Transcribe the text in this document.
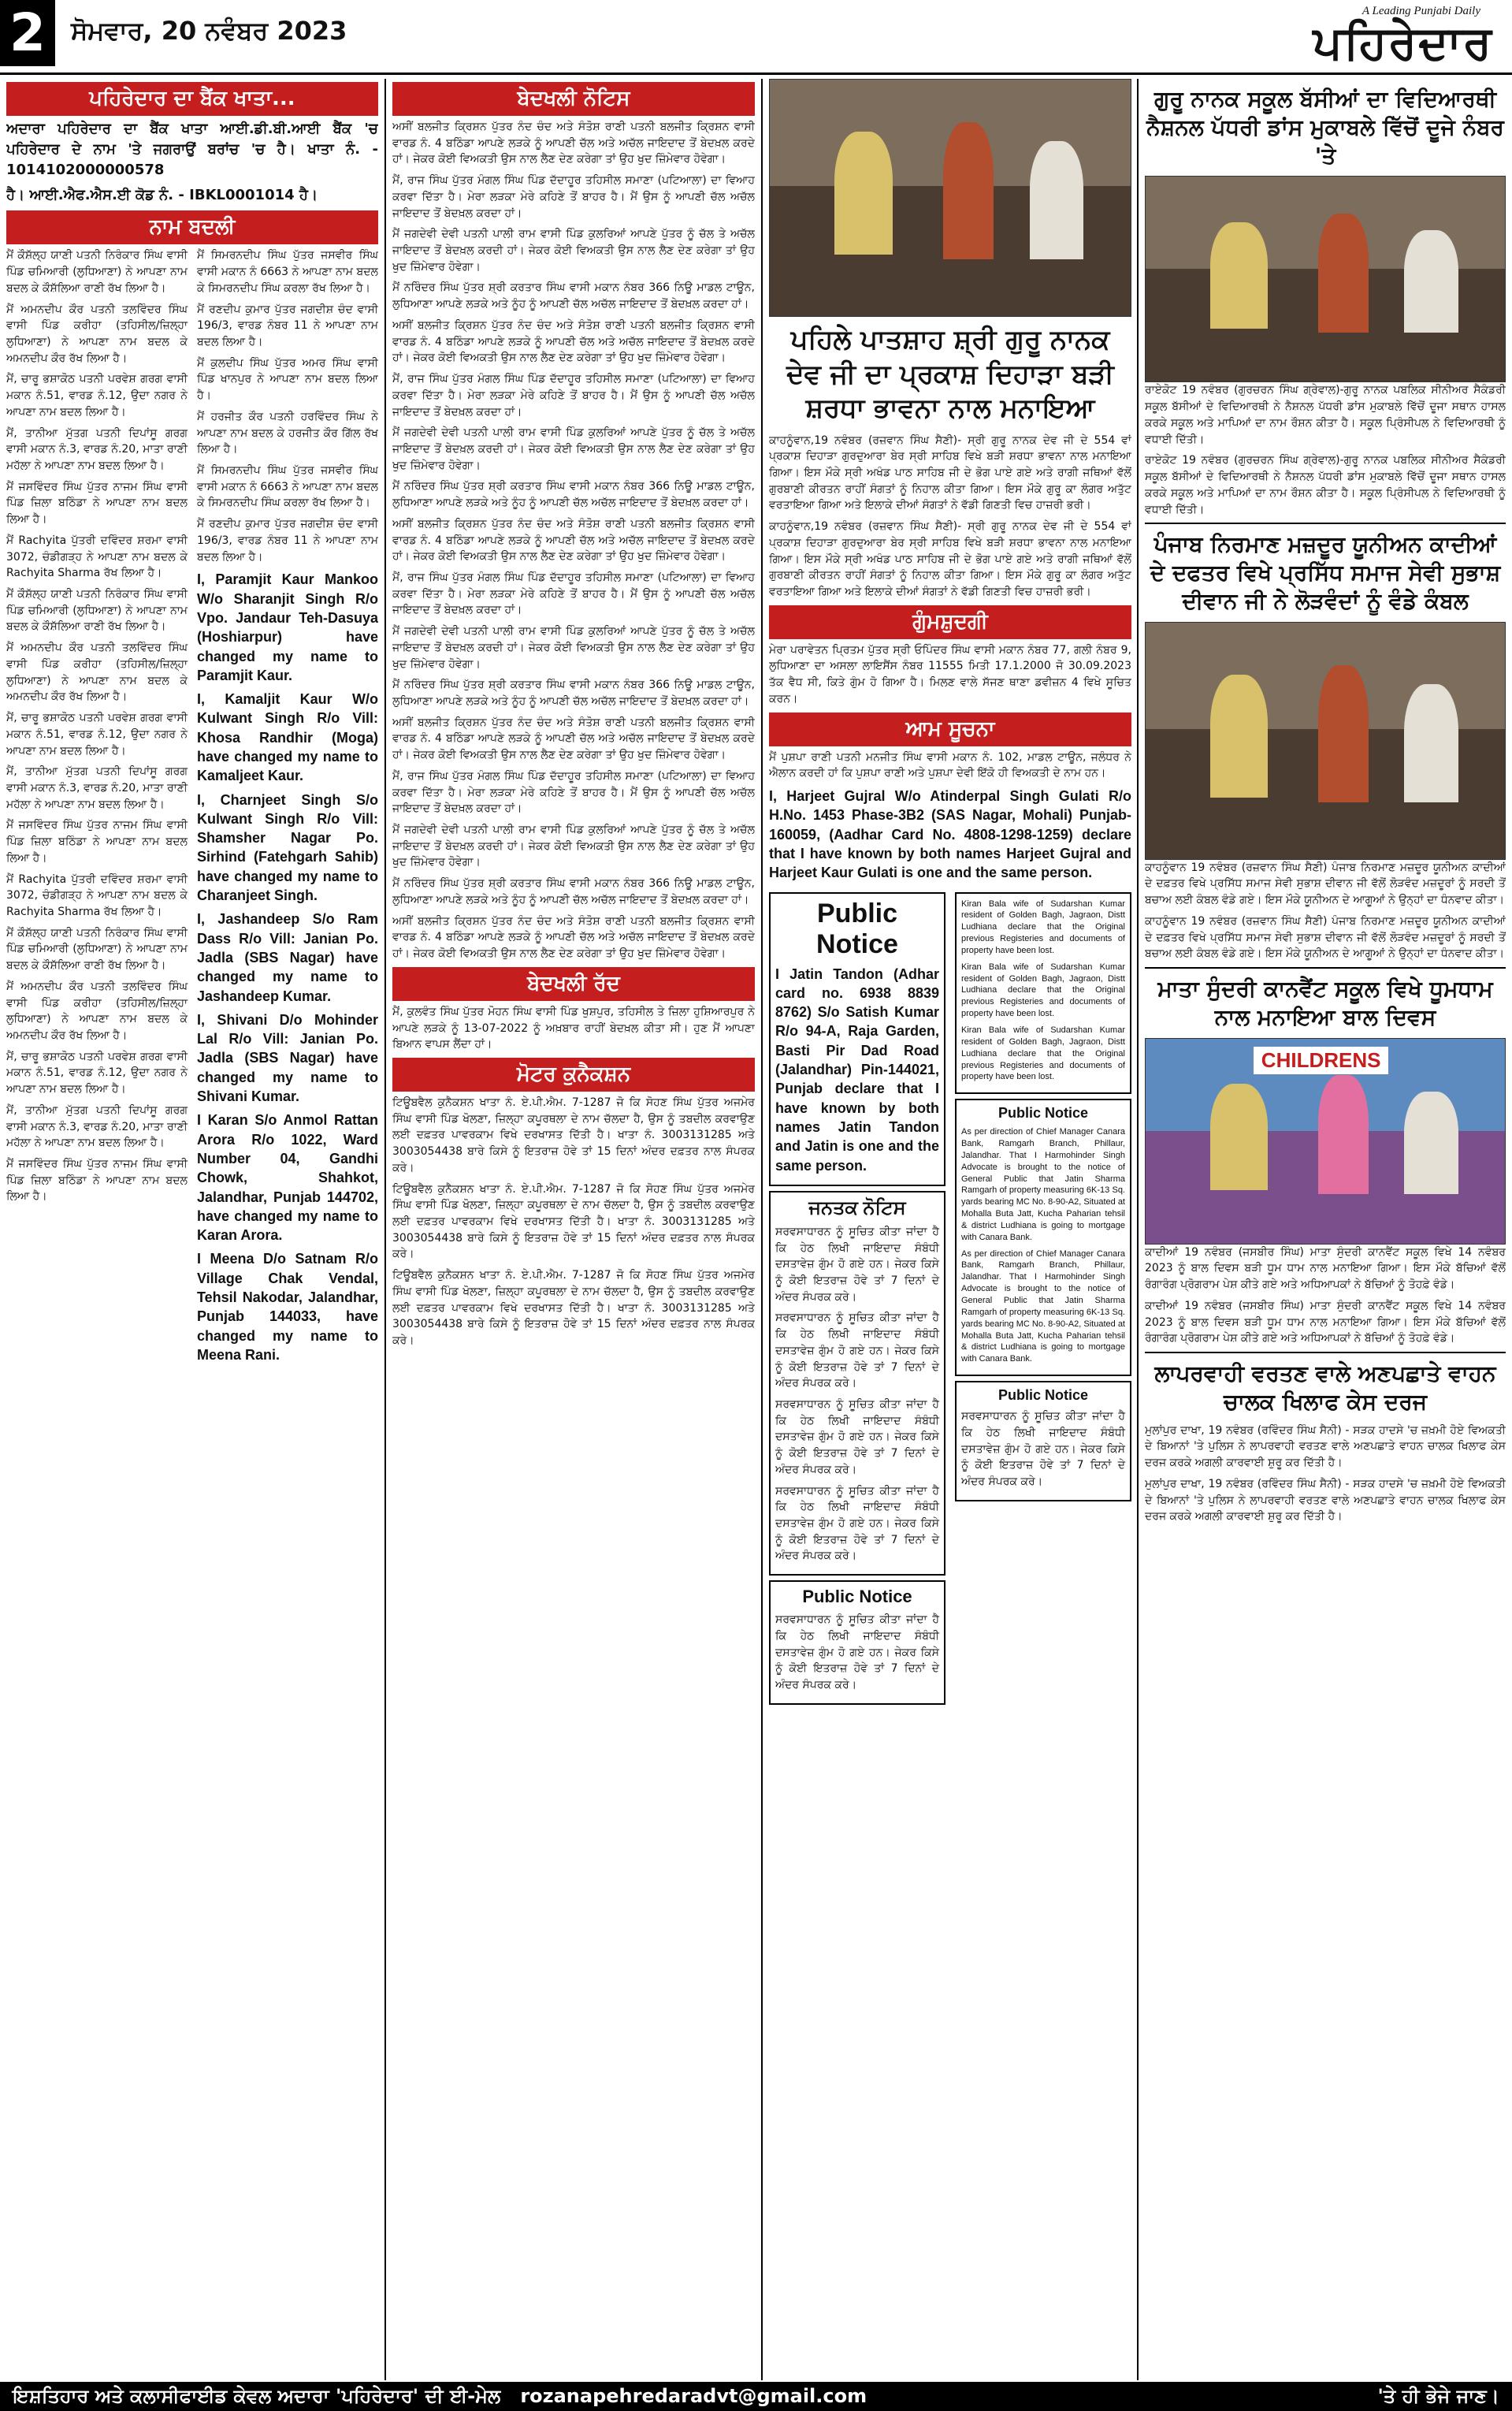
2	ਸੋਮਵਾਰ, 20 ਨਵੰਬਰ 2023
A Leading Punjabi Daily
ਪਹਿਰੇਦਾਰ
ਪਹਿਰੇਦਾਰ ਦਾ ਬੈਂਕ ਖਾਤਾ...

ਅਦਾਰਾ ਪਹਿਰੇਦਾਰ ਦਾ ਬੈਂਕ ਖਾਤਾ ਆਈ.ਡੀ.ਬੀ.ਆਈ ਬੈਂਕ 'ਚ ਪਹਿਰੇਦਾਰ ਦੇ ਨਾਮ 'ਤੇ ਜਗਰਾਉਂ ਬਰਾਂਚ 'ਚ ਹੈ। ਖਾਤਾ ਨੰ. - 1014102000000578

ਹੈ। ਆਈ.ਐਫ.ਐਸ.ਈ ਕੋਡ ਨੰ. - IBKL0001014 ਹੈ।

ਨਾਮ ਬਦਲੀ

ਮੈਂ ਕੌਸ਼ੱਲ੍ਹ ਯਾਣੀ ਪਤਨੀ ਨਿਰੰਕਾਰ ਸਿੰਘ ਵਾਸੀ ਪਿੰਡ ਚਮਿਆਰੀ (ਲੁਧਿਆਣਾ) ਨੇ ਆਪਣਾ ਨਾਮ ਬਦਲ ਕੇ ਕੌਸ਼ੱਲਿਆ ਰਾਣੀ ਰੱਖ ਲਿਆ ਹੈ।

ਮੈਂ ਅਮਨਦੀਪ ਕੌਰ ਪਤਨੀ ਤਲਵਿੰਦਰ ਸਿੰਘ ਵਾਸੀ ਪਿੰਡ ਕਰੀਹਾ (ਤਹਿਸੀਲ/ਜ਼ਿਲ੍ਹਾ ਲੁਧਿਆਣਾ) ਨੇ ਆਪਣਾ ਨਾਮ ਬਦਲ ਕੇ ਅਮਨਦੀਪ ਕੌਰ ਰੱਖ ਲਿਆ ਹੈ।

ਮੈਂ, ਚਾਰੂ ਭਸ਼ਾਕੋਠ ਪਤਨੀ ਪਰਵੇਸ਼ ਗਰਗ ਵਾਸੀ ਮਕਾਨ ਨੰ.51, ਵਾਰਡ ਨੰ.12, ਉਦਾ ਨਗਰ ਨੇ ਆਪਣਾ ਨਾਮ ਬਦਲ ਲਿਆ ਹੈ।

ਮੈਂ, ਤਾਨੀਆ ਮੁੱਤਗ ਪਤਨੀ ਦਿਪਾਂਸੂ ਗਰਗ ਵਾਸੀ ਮਕਾਨ ਨੰ.3, ਵਾਰਡ ਨੰ.20, ਮਾਤਾ ਰਾਣੀ ਮਹੱਲਾ ਨੇ ਆਪਣਾ ਨਾਮ ਬਦਲ ਲਿਆ ਹੈ।

ਮੈਂ ਜਸਵਿੰਦਰ ਸਿੰਘ ਪੁੱਤਰ ਨਾਜਮ ਸਿੰਘ ਵਾਸੀ ਪਿੰਡ ਜ਼ਿਲਾ ਬਠਿੰਡਾ ਨੇ ਆਪਣਾ ਨਾਮ ਬਦਲ ਲਿਆ ਹੈ।

ਮੈਂ Rachyita ਪੁੱਤਰੀ ਦਵਿੰਦਰ ਸ਼ਰਮਾ ਵਾਸੀ 3072, ਚੰਡੀਗੜ੍ਹ ਨੇ ਆਪਣਾ ਨਾਮ ਬਦਲ ਕੇ Rachyita Sharma ਰੱਖ ਲਿਆ ਹੈ।

ਮੈਂ ਕੌਸ਼ੱਲ੍ਹ ਯਾਣੀ ਪਤਨੀ ਨਿਰੰਕਾਰ ਸਿੰਘ ਵਾਸੀ ਪਿੰਡ ਚਮਿਆਰੀ (ਲੁਧਿਆਣਾ) ਨੇ ਆਪਣਾ ਨਾਮ ਬਦਲ ਕੇ ਕੌਸ਼ੱਲਿਆ ਰਾਣੀ ਰੱਖ ਲਿਆ ਹੈ।

ਮੈਂ ਅਮਨਦੀਪ ਕੌਰ ਪਤਨੀ ਤਲਵਿੰਦਰ ਸਿੰਘ ਵਾਸੀ ਪਿੰਡ ਕਰੀਹਾ (ਤਹਿਸੀਲ/ਜ਼ਿਲ੍ਹਾ ਲੁਧਿਆਣਾ) ਨੇ ਆਪਣਾ ਨਾਮ ਬਦਲ ਕੇ ਅਮਨਦੀਪ ਕੌਰ ਰੱਖ ਲਿਆ ਹੈ।

ਮੈਂ, ਚਾਰੂ ਭਸ਼ਾਕੋਠ ਪਤਨੀ ਪਰਵੇਸ਼ ਗਰਗ ਵਾਸੀ ਮਕਾਨ ਨੰ.51, ਵਾਰਡ ਨੰ.12, ਉਦਾ ਨਗਰ ਨੇ ਆਪਣਾ ਨਾਮ ਬਦਲ ਲਿਆ ਹੈ।

ਮੈਂ, ਤਾਨੀਆ ਮੁੱਤਗ ਪਤਨੀ ਦਿਪਾਂਸੂ ਗਰਗ ਵਾਸੀ ਮਕਾਨ ਨੰ.3, ਵਾਰਡ ਨੰ.20, ਮਾਤਾ ਰਾਣੀ ਮਹੱਲਾ ਨੇ ਆਪਣਾ ਨਾਮ ਬਦਲ ਲਿਆ ਹੈ।

ਮੈਂ ਜਸਵਿੰਦਰ ਸਿੰਘ ਪੁੱਤਰ ਨਾਜਮ ਸਿੰਘ ਵਾਸੀ ਪਿੰਡ ਜ਼ਿਲਾ ਬਠਿੰਡਾ ਨੇ ਆਪਣਾ ਨਾਮ ਬਦਲ ਲਿਆ ਹੈ।

ਮੈਂ Rachyita ਪੁੱਤਰੀ ਦਵਿੰਦਰ ਸ਼ਰਮਾ ਵਾਸੀ 3072, ਚੰਡੀਗੜ੍ਹ ਨੇ ਆਪਣਾ ਨਾਮ ਬਦਲ ਕੇ Rachyita Sharma ਰੱਖ ਲਿਆ ਹੈ।

ਮੈਂ ਕੌਸ਼ੱਲ੍ਹ ਯਾਣੀ ਪਤਨੀ ਨਿਰੰਕਾਰ ਸਿੰਘ ਵਾਸੀ ਪਿੰਡ ਚਮਿਆਰੀ (ਲੁਧਿਆਣਾ) ਨੇ ਆਪਣਾ ਨਾਮ ਬਦਲ ਕੇ ਕੌਸ਼ੱਲਿਆ ਰਾਣੀ ਰੱਖ ਲਿਆ ਹੈ।

ਮੈਂ ਅਮਨਦੀਪ ਕੌਰ ਪਤਨੀ ਤਲਵਿੰਦਰ ਸਿੰਘ ਵਾਸੀ ਪਿੰਡ ਕਰੀਹਾ (ਤਹਿਸੀਲ/ਜ਼ਿਲ੍ਹਾ ਲੁਧਿਆਣਾ) ਨੇ ਆਪਣਾ ਨਾਮ ਬਦਲ ਕੇ ਅਮਨਦੀਪ ਕੌਰ ਰੱਖ ਲਿਆ ਹੈ।

ਮੈਂ, ਚਾਰੂ ਭਸ਼ਾਕੋਠ ਪਤਨੀ ਪਰਵੇਸ਼ ਗਰਗ ਵਾਸੀ ਮਕਾਨ ਨੰ.51, ਵਾਰਡ ਨੰ.12, ਉਦਾ ਨਗਰ ਨੇ ਆਪਣਾ ਨਾਮ ਬਦਲ ਲਿਆ ਹੈ।

ਮੈਂ, ਤਾਨੀਆ ਮੁੱਤਗ ਪਤਨੀ ਦਿਪਾਂਸੂ ਗਰਗ ਵਾਸੀ ਮਕਾਨ ਨੰ.3, ਵਾਰਡ ਨੰ.20, ਮਾਤਾ ਰਾਣੀ ਮਹੱਲਾ ਨੇ ਆਪਣਾ ਨਾਮ ਬਦਲ ਲਿਆ ਹੈ।

ਮੈਂ ਜਸਵਿੰਦਰ ਸਿੰਘ ਪੁੱਤਰ ਨਾਜਮ ਸਿੰਘ ਵਾਸੀ ਪਿੰਡ ਜ਼ਿਲਾ ਬਠਿੰਡਾ ਨੇ ਆਪਣਾ ਨਾਮ ਬਦਲ ਲਿਆ ਹੈ।

ਮੈਂ ਸਿਮਰਨਦੀਪ ਸਿੰਘ ਪੁੱਤਰ ਜਸਵੀਰ ਸਿੰਘ ਵਾਸੀ ਮਕਾਨ ਨੰ 6663 ਨੇ ਆਪਣਾ ਨਾਮ ਬਦਲ ਕੇ ਸਿਮਰਨਦੀਪ ਸਿੰਘ ਕਰਲਾ ਰੱਖ ਲਿਆ ਹੈ।

ਮੈਂ ਰਣਦੀਪ ਕੁਮਾਰ ਪੁੱਤਰ ਜਗਦੀਸ਼ ਚੰਦ ਵਾਸੀ 196/3, ਵਾਰਡ ਨੰਬਰ 11 ਨੇ ਆਪਣਾ ਨਾਮ ਬਦਲ ਲਿਆ ਹੈ।

ਮੈਂ ਕੁਲਦੀਪ ਸਿੰਘ ਪੁੱਤਰ ਅਮਰ ਸਿੰਘ ਵਾਸੀ ਪਿੰਡ ਖਾਨਪੁਰ ਨੇ ਆਪਣਾ ਨਾਮ ਬਦਲ ਲਿਆ ਹੈ।

ਮੈਂ ਹਰਜੀਤ ਕੌਰ ਪਤਨੀ ਹਰਵਿੰਦਰ ਸਿੰਘ ਨੇ ਆਪਣਾ ਨਾਮ ਬਦਲ ਕੇ ਹਰਜੀਤ ਕੌਰ ਗਿੱਲ ਰੱਖ ਲਿਆ ਹੈ।

ਮੈਂ ਸਿਮਰਨਦੀਪ ਸਿੰਘ ਪੁੱਤਰ ਜਸਵੀਰ ਸਿੰਘ ਵਾਸੀ ਮਕਾਨ ਨੰ 6663 ਨੇ ਆਪਣਾ ਨਾਮ ਬਦਲ ਕੇ ਸਿਮਰਨਦੀਪ ਸਿੰਘ ਕਰਲਾ ਰੱਖ ਲਿਆ ਹੈ।

ਮੈਂ ਰਣਦੀਪ ਕੁਮਾਰ ਪੁੱਤਰ ਜਗਦੀਸ਼ ਚੰਦ ਵਾਸੀ 196/3, ਵਾਰਡ ਨੰਬਰ 11 ਨੇ ਆਪਣਾ ਨਾਮ ਬਦਲ ਲਿਆ ਹੈ।

I, Paramjit Kaur Mankoo W/o Sharanjit Singh R/o Vpo. Jandaur Teh-Dasuya (Hoshiarpur) have changed my name to Paramjit Kaur.

I, Kamaljit Kaur W/o Kulwant Singh R/o Vill: Khosa Randhir (Moga) have changed my name to Kamaljeet Kaur.

I, Charnjeet Singh S/o Kulwant Singh R/o Vill: Shamsher Nagar Po. Sirhind (Fatehgarh Sahib) have changed my name to Charanjeet Singh.

I, Jashandeep S/o Ram Dass R/o Vill: Janian Po. Jadla (SBS Nagar) have changed my name to Jashandeep Kumar.

I, Shivani D/o Mohinder Lal R/o Vill: Janian Po. Jadla (SBS Nagar) have changed my name to Shivani Kumar.

I Karan S/o Anmol Rattan Arora R/o 1022, Ward Number 04, Gandhi Chowk, Shahkot, Jalandhar, Punjab 144702, have changed my name to Karan Arora.

I Meena D/o Satnam R/o Village Chak Vendal, Tehsil Nakodar, Jalandhar, Punjab 144033, have changed my name to Meena Rani.

ਬੇਦਖਲੀ ਨੋਟਿਸ

ਅਸੀਂ ਬਲਜੀਤ ਕ੍ਰਿਸ਼ਨ ਪੁੱਤਰ ਨੰਦ ਚੰਦ ਅਤੇ ਸੰਤੋਸ਼ ਰਾਣੀ ਪਤਨੀ ਬਲਜੀਤ ਕ੍ਰਿਸ਼ਨ ਵਾਸੀ ਵਾਰਡ ਨੰ. 4 ਬਠਿੰਡਾ ਆਪਣੇ ਲੜਕੇ ਨੂੰ ਆਪਣੀ ਚੱਲ ਅਤੇ ਅਚੱਲ ਜਾਇਦਾਦ ਤੋਂ ਬੇਦਖ਼ਲ ਕਰਦੇ ਹਾਂ। ਜੇਕਰ ਕੋਈ ਵਿਅਕਤੀ ਉਸ ਨਾਲ ਲੈਣ ਦੇਣ ਕਰੇਗਾ ਤਾਂ ਉਹ ਖੁਦ ਜ਼ਿੰਮੇਵਾਰ ਹੋਵੇਗਾ।

ਮੈਂ, ਰਾਜ ਸਿੰਘ ਪੁੱਤਰ ਮੰਗਲ ਸਿੰਘ ਪਿੰਡ ਦੱਦਾਹੂਰ ਤਹਿਸੀਲ ਸਮਾਣਾ (ਪਟਿਆਲਾ) ਦਾ ਵਿਆਹ ਕਰਵਾ ਦਿੱਤਾ ਹੈ। ਮੇਰਾ ਲੜਕਾ ਮੇਰੇ ਕਹਿਣੇ ਤੋਂ ਬਾਹਰ ਹੈ। ਮੈਂ ਉਸ ਨੂੰ ਆਪਣੀ ਚੱਲ ਅਚੱਲ ਜਾਇਦਾਦ ਤੋਂ ਬੇਦਖ਼ਲ ਕਰਦਾ ਹਾਂ।

ਮੈਂ ਜਗਦੇਵੀ ਦੇਵੀ ਪਤਨੀ ਪਾਲੀ ਰਾਮ ਵਾਸੀ ਪਿੰਡ ਕੁਲਰਿਆਂ ਆਪਣੇ ਪੁੱਤਰ ਨੂੰ ਚੱਲ ਤੇ ਅਚੱਲ ਜਾਇਦਾਦ ਤੋਂ ਬੇਦਖ਼ਲ ਕਰਦੀ ਹਾਂ। ਜੇਕਰ ਕੋਈ ਵਿਅਕਤੀ ਉਸ ਨਾਲ ਲੈਣ ਦੇਣ ਕਰੇਗਾ ਤਾਂ ਉਹ ਖੁਦ ਜ਼ਿੰਮੇਵਾਰ ਹੋਵੇਗਾ।

ਮੈਂ ਨਰਿੰਦਰ ਸਿੰਘ ਪੁੱਤਰ ਸ਼੍ਰੀ ਕਰਤਾਰ ਸਿੰਘ ਵਾਸੀ ਮਕਾਨ ਨੰਬਰ 366 ਨਿਊ ਮਾਡਲ ਟਾਊਨ, ਲੁਧਿਆਣਾ ਆਪਣੇ ਲੜਕੇ ਅਤੇ ਨੂੰਹ ਨੂੰ ਆਪਣੀ ਚੱਲ ਅਚੱਲ ਜਾਇਦਾਦ ਤੋਂ ਬੇਦਖ਼ਲ ਕਰਦਾ ਹਾਂ।

ਅਸੀਂ ਬਲਜੀਤ ਕ੍ਰਿਸ਼ਨ ਪੁੱਤਰ ਨੰਦ ਚੰਦ ਅਤੇ ਸੰਤੋਸ਼ ਰਾਣੀ ਪਤਨੀ ਬਲਜੀਤ ਕ੍ਰਿਸ਼ਨ ਵਾਸੀ ਵਾਰਡ ਨੰ. 4 ਬਠਿੰਡਾ ਆਪਣੇ ਲੜਕੇ ਨੂੰ ਆਪਣੀ ਚੱਲ ਅਤੇ ਅਚੱਲ ਜਾਇਦਾਦ ਤੋਂ ਬੇਦਖ਼ਲ ਕਰਦੇ ਹਾਂ। ਜੇਕਰ ਕੋਈ ਵਿਅਕਤੀ ਉਸ ਨਾਲ ਲੈਣ ਦੇਣ ਕਰੇਗਾ ਤਾਂ ਉਹ ਖੁਦ ਜ਼ਿੰਮੇਵਾਰ ਹੋਵੇਗਾ।

ਮੈਂ, ਰਾਜ ਸਿੰਘ ਪੁੱਤਰ ਮੰਗਲ ਸਿੰਘ ਪਿੰਡ ਦੱਦਾਹੂਰ ਤਹਿਸੀਲ ਸਮਾਣਾ (ਪਟਿਆਲਾ) ਦਾ ਵਿਆਹ ਕਰਵਾ ਦਿੱਤਾ ਹੈ। ਮੇਰਾ ਲੜਕਾ ਮੇਰੇ ਕਹਿਣੇ ਤੋਂ ਬਾਹਰ ਹੈ। ਮੈਂ ਉਸ ਨੂੰ ਆਪਣੀ ਚੱਲ ਅਚੱਲ ਜਾਇਦਾਦ ਤੋਂ ਬੇਦਖ਼ਲ ਕਰਦਾ ਹਾਂ।

ਮੈਂ ਜਗਦੇਵੀ ਦੇਵੀ ਪਤਨੀ ਪਾਲੀ ਰਾਮ ਵਾਸੀ ਪਿੰਡ ਕੁਲਰਿਆਂ ਆਪਣੇ ਪੁੱਤਰ ਨੂੰ ਚੱਲ ਤੇ ਅਚੱਲ ਜਾਇਦਾਦ ਤੋਂ ਬੇਦਖ਼ਲ ਕਰਦੀ ਹਾਂ। ਜੇਕਰ ਕੋਈ ਵਿਅਕਤੀ ਉਸ ਨਾਲ ਲੈਣ ਦੇਣ ਕਰੇਗਾ ਤਾਂ ਉਹ ਖੁਦ ਜ਼ਿੰਮੇਵਾਰ ਹੋਵੇਗਾ।

ਮੈਂ ਨਰਿੰਦਰ ਸਿੰਘ ਪੁੱਤਰ ਸ਼੍ਰੀ ਕਰਤਾਰ ਸਿੰਘ ਵਾਸੀ ਮਕਾਨ ਨੰਬਰ 366 ਨਿਊ ਮਾਡਲ ਟਾਊਨ, ਲੁਧਿਆਣਾ ਆਪਣੇ ਲੜਕੇ ਅਤੇ ਨੂੰਹ ਨੂੰ ਆਪਣੀ ਚੱਲ ਅਚੱਲ ਜਾਇਦਾਦ ਤੋਂ ਬੇਦਖ਼ਲ ਕਰਦਾ ਹਾਂ।

ਅਸੀਂ ਬਲਜੀਤ ਕ੍ਰਿਸ਼ਨ ਪੁੱਤਰ ਨੰਦ ਚੰਦ ਅਤੇ ਸੰਤੋਸ਼ ਰਾਣੀ ਪਤਨੀ ਬਲਜੀਤ ਕ੍ਰਿਸ਼ਨ ਵਾਸੀ ਵਾਰਡ ਨੰ. 4 ਬਠਿੰਡਾ ਆਪਣੇ ਲੜਕੇ ਨੂੰ ਆਪਣੀ ਚੱਲ ਅਤੇ ਅਚੱਲ ਜਾਇਦਾਦ ਤੋਂ ਬੇਦਖ਼ਲ ਕਰਦੇ ਹਾਂ। ਜੇਕਰ ਕੋਈ ਵਿਅਕਤੀ ਉਸ ਨਾਲ ਲੈਣ ਦੇਣ ਕਰੇਗਾ ਤਾਂ ਉਹ ਖੁਦ ਜ਼ਿੰਮੇਵਾਰ ਹੋਵੇਗਾ।

ਮੈਂ, ਰਾਜ ਸਿੰਘ ਪੁੱਤਰ ਮੰਗਲ ਸਿੰਘ ਪਿੰਡ ਦੱਦਾਹੂਰ ਤਹਿਸੀਲ ਸਮਾਣਾ (ਪਟਿਆਲਾ) ਦਾ ਵਿਆਹ ਕਰਵਾ ਦਿੱਤਾ ਹੈ। ਮੇਰਾ ਲੜਕਾ ਮੇਰੇ ਕਹਿਣੇ ਤੋਂ ਬਾਹਰ ਹੈ। ਮੈਂ ਉਸ ਨੂੰ ਆਪਣੀ ਚੱਲ ਅਚੱਲ ਜਾਇਦਾਦ ਤੋਂ ਬੇਦਖ਼ਲ ਕਰਦਾ ਹਾਂ।

ਮੈਂ ਜਗਦੇਵੀ ਦੇਵੀ ਪਤਨੀ ਪਾਲੀ ਰਾਮ ਵਾਸੀ ਪਿੰਡ ਕੁਲਰਿਆਂ ਆਪਣੇ ਪੁੱਤਰ ਨੂੰ ਚੱਲ ਤੇ ਅਚੱਲ ਜਾਇਦਾਦ ਤੋਂ ਬੇਦਖ਼ਲ ਕਰਦੀ ਹਾਂ। ਜੇਕਰ ਕੋਈ ਵਿਅਕਤੀ ਉਸ ਨਾਲ ਲੈਣ ਦੇਣ ਕਰੇਗਾ ਤਾਂ ਉਹ ਖੁਦ ਜ਼ਿੰਮੇਵਾਰ ਹੋਵੇਗਾ।

ਮੈਂ ਨਰਿੰਦਰ ਸਿੰਘ ਪੁੱਤਰ ਸ਼੍ਰੀ ਕਰਤਾਰ ਸਿੰਘ ਵਾਸੀ ਮਕਾਨ ਨੰਬਰ 366 ਨਿਊ ਮਾਡਲ ਟਾਊਨ, ਲੁਧਿਆਣਾ ਆਪਣੇ ਲੜਕੇ ਅਤੇ ਨੂੰਹ ਨੂੰ ਆਪਣੀ ਚੱਲ ਅਚੱਲ ਜਾਇਦਾਦ ਤੋਂ ਬੇਦਖ਼ਲ ਕਰਦਾ ਹਾਂ।

ਅਸੀਂ ਬਲਜੀਤ ਕ੍ਰਿਸ਼ਨ ਪੁੱਤਰ ਨੰਦ ਚੰਦ ਅਤੇ ਸੰਤੋਸ਼ ਰਾਣੀ ਪਤਨੀ ਬਲਜੀਤ ਕ੍ਰਿਸ਼ਨ ਵਾਸੀ ਵਾਰਡ ਨੰ. 4 ਬਠਿੰਡਾ ਆਪਣੇ ਲੜਕੇ ਨੂੰ ਆਪਣੀ ਚੱਲ ਅਤੇ ਅਚੱਲ ਜਾਇਦਾਦ ਤੋਂ ਬੇਦਖ਼ਲ ਕਰਦੇ ਹਾਂ। ਜੇਕਰ ਕੋਈ ਵਿਅਕਤੀ ਉਸ ਨਾਲ ਲੈਣ ਦੇਣ ਕਰੇਗਾ ਤਾਂ ਉਹ ਖੁਦ ਜ਼ਿੰਮੇਵਾਰ ਹੋਵੇਗਾ।

ਮੈਂ, ਰਾਜ ਸਿੰਘ ਪੁੱਤਰ ਮੰਗਲ ਸਿੰਘ ਪਿੰਡ ਦੱਦਾਹੂਰ ਤਹਿਸੀਲ ਸਮਾਣਾ (ਪਟਿਆਲਾ) ਦਾ ਵਿਆਹ ਕਰਵਾ ਦਿੱਤਾ ਹੈ। ਮੇਰਾ ਲੜਕਾ ਮੇਰੇ ਕਹਿਣੇ ਤੋਂ ਬਾਹਰ ਹੈ। ਮੈਂ ਉਸ ਨੂੰ ਆਪਣੀ ਚੱਲ ਅਚੱਲ ਜਾਇਦਾਦ ਤੋਂ ਬੇਦਖ਼ਲ ਕਰਦਾ ਹਾਂ।

ਮੈਂ ਜਗਦੇਵੀ ਦੇਵੀ ਪਤਨੀ ਪਾਲੀ ਰਾਮ ਵਾਸੀ ਪਿੰਡ ਕੁਲਰਿਆਂ ਆਪਣੇ ਪੁੱਤਰ ਨੂੰ ਚੱਲ ਤੇ ਅਚੱਲ ਜਾਇਦਾਦ ਤੋਂ ਬੇਦਖ਼ਲ ਕਰਦੀ ਹਾਂ। ਜੇਕਰ ਕੋਈ ਵਿਅਕਤੀ ਉਸ ਨਾਲ ਲੈਣ ਦੇਣ ਕਰੇਗਾ ਤਾਂ ਉਹ ਖੁਦ ਜ਼ਿੰਮੇਵਾਰ ਹੋਵੇਗਾ।

ਮੈਂ ਨਰਿੰਦਰ ਸਿੰਘ ਪੁੱਤਰ ਸ਼੍ਰੀ ਕਰਤਾਰ ਸਿੰਘ ਵਾਸੀ ਮਕਾਨ ਨੰਬਰ 366 ਨਿਊ ਮਾਡਲ ਟਾਊਨ, ਲੁਧਿਆਣਾ ਆਪਣੇ ਲੜਕੇ ਅਤੇ ਨੂੰਹ ਨੂੰ ਆਪਣੀ ਚੱਲ ਅਚੱਲ ਜਾਇਦਾਦ ਤੋਂ ਬੇਦਖ਼ਲ ਕਰਦਾ ਹਾਂ।

ਅਸੀਂ ਬਲਜੀਤ ਕ੍ਰਿਸ਼ਨ ਪੁੱਤਰ ਨੰਦ ਚੰਦ ਅਤੇ ਸੰਤੋਸ਼ ਰਾਣੀ ਪਤਨੀ ਬਲਜੀਤ ਕ੍ਰਿਸ਼ਨ ਵਾਸੀ ਵਾਰਡ ਨੰ. 4 ਬਠਿੰਡਾ ਆਪਣੇ ਲੜਕੇ ਨੂੰ ਆਪਣੀ ਚੱਲ ਅਤੇ ਅਚੱਲ ਜਾਇਦਾਦ ਤੋਂ ਬੇਦਖ਼ਲ ਕਰਦੇ ਹਾਂ। ਜੇਕਰ ਕੋਈ ਵਿਅਕਤੀ ਉਸ ਨਾਲ ਲੈਣ ਦੇਣ ਕਰੇਗਾ ਤਾਂ ਉਹ ਖੁਦ ਜ਼ਿੰਮੇਵਾਰ ਹੋਵੇਗਾ।

ਬੇਦਖਲੀ ਰੱਦ

ਮੈਂ, ਕੁਲਵੰਤ ਸਿੰਘ ਪੁੱਤਰ ਮੋਹਨ ਸਿੰਘ ਵਾਸੀ ਪਿੰਡ ਖੁਸ਼ਪੁਰ, ਤਹਿਸੀਲ ਤੇ ਜ਼ਿਲਾ ਹੁਸ਼ਿਆਰਪੁਰ ਨੇ ਆਪਣੇ ਲੜਕੇ ਨੂੰ 13-07-2022 ਨੂੰ ਅਖ਼ਬਾਰ ਰਾਹੀਂ ਬੇਦਖ਼ਲ ਕੀਤਾ ਸੀ। ਹੁਣ ਮੈਂ ਆਪਣਾ ਬਿਆਨ ਵਾਪਸ ਲੈਂਦਾ ਹਾਂ।

ਮੋਟਰ ਕੁਨੈਕਸ਼ਨ

ਟਿਊਬਵੈਲ ਕੁਨੈਕਸ਼ਨ ਖਾਤਾ ਨੰ. ਏ.ਪੀ.ਐਮ. 7-1287 ਜੋ ਕਿ ਸੋਹਣ ਸਿੰਘ ਪੁੱਤਰ ਅਜਮੇਰ ਸਿੰਘ ਵਾਸੀ ਪਿੰਡ ਖੋਲਣਾ, ਜ਼ਿਲ੍ਹਾ ਕਪੂਰਥਲਾ ਦੇ ਨਾਮ ਚੱਲਦਾ ਹੈ, ਉਸ ਨੂੰ ਤਬਦੀਲ ਕਰਵਾਉਣ ਲਈ ਦਫ਼ਤਰ ਪਾਵਰਕਾਮ ਵਿਖੇ ਦਰਖਾਸਤ ਦਿੱਤੀ ਹੈ। ਖਾਤਾ ਨੰ. 3003131285 ਅਤੇ 3003054438 ਬਾਰੇ ਕਿਸੇ ਨੂੰ ਇਤਰਾਜ਼ ਹੋਵੇ ਤਾਂ 15 ਦਿਨਾਂ ਅੰਦਰ ਦਫ਼ਤਰ ਨਾਲ ਸੰਪਰਕ ਕਰੇ।

ਟਿਊਬਵੈਲ ਕੁਨੈਕਸ਼ਨ ਖਾਤਾ ਨੰ. ਏ.ਪੀ.ਐਮ. 7-1287 ਜੋ ਕਿ ਸੋਹਣ ਸਿੰਘ ਪੁੱਤਰ ਅਜਮੇਰ ਸਿੰਘ ਵਾਸੀ ਪਿੰਡ ਖੋਲਣਾ, ਜ਼ਿਲ੍ਹਾ ਕਪੂਰਥਲਾ ਦੇ ਨਾਮ ਚੱਲਦਾ ਹੈ, ਉਸ ਨੂੰ ਤਬਦੀਲ ਕਰਵਾਉਣ ਲਈ ਦਫ਼ਤਰ ਪਾਵਰਕਾਮ ਵਿਖੇ ਦਰਖਾਸਤ ਦਿੱਤੀ ਹੈ। ਖਾਤਾ ਨੰ. 3003131285 ਅਤੇ 3003054438 ਬਾਰੇ ਕਿਸੇ ਨੂੰ ਇਤਰਾਜ਼ ਹੋਵੇ ਤਾਂ 15 ਦਿਨਾਂ ਅੰਦਰ ਦਫ਼ਤਰ ਨਾਲ ਸੰਪਰਕ ਕਰੇ।

ਟਿਊਬਵੈਲ ਕੁਨੈਕਸ਼ਨ ਖਾਤਾ ਨੰ. ਏ.ਪੀ.ਐਮ. 7-1287 ਜੋ ਕਿ ਸੋਹਣ ਸਿੰਘ ਪੁੱਤਰ ਅਜਮੇਰ ਸਿੰਘ ਵਾਸੀ ਪਿੰਡ ਖੋਲਣਾ, ਜ਼ਿਲ੍ਹਾ ਕਪੂਰਥਲਾ ਦੇ ਨਾਮ ਚੱਲਦਾ ਹੈ, ਉਸ ਨੂੰ ਤਬਦੀਲ ਕਰਵਾਉਣ ਲਈ ਦਫ਼ਤਰ ਪਾਵਰਕਾਮ ਵਿਖੇ ਦਰਖਾਸਤ ਦਿੱਤੀ ਹੈ। ਖਾਤਾ ਨੰ. 3003131285 ਅਤੇ 3003054438 ਬਾਰੇ ਕਿਸੇ ਨੂੰ ਇਤਰਾਜ਼ ਹੋਵੇ ਤਾਂ 15 ਦਿਨਾਂ ਅੰਦਰ ਦਫ਼ਤਰ ਨਾਲ ਸੰਪਰਕ ਕਰੇ।

ਪਹਿਲੇ ਪਾਤਸ਼ਾਹ ਸ਼੍ਰੀ ਗੁਰੂ ਨਾਨਕ ਦੇਵ ਜੀ ਦਾ ਪ੍ਰਕਾਸ਼ ਦਿਹਾੜਾ ਬੜੀ ਸ਼ਰਧਾ ਭਾਵਨਾ ਨਾਲ ਮਨਾਇਆ

ਕਾਹਨੂੰਵਾਨ,19 ਨਵੰਬਰ (ਰਜ਼ਵਾਨ ਸਿੰਘ ਸੈਣੀ)- ਸ੍ਰੀ ਗੁਰੂ ਨਾਨਕ ਦੇਵ ਜੀ ਦੇ 554 ਵਾਂ ਪ੍ਰਕਾਸ਼ ਦਿਹਾੜਾ ਗੁਰਦੁਆਰਾ ਬੇਰ ਸ੍ਰੀ ਸਾਹਿਬ ਵਿਖੇ ਬੜੀ ਸ਼ਰਧਾ ਭਾਵਨਾ ਨਾਲ ਮਨਾਇਆ ਗਿਆ। ਇਸ ਮੌਕੇ ਸ੍ਰੀ ਅਖੰਡ ਪਾਠ ਸਾਹਿਬ ਜੀ ਦੇ ਭੋਗ ਪਾਏ ਗਏ ਅਤੇ ਰਾਗੀ ਜਥਿਆਂ ਵੱਲੋਂ ਗੁਰਬਾਣੀ ਕੀਰਤਨ ਰਾਹੀਂ ਸੰਗਤਾਂ ਨੂੰ ਨਿਹਾਲ ਕੀਤਾ ਗਿਆ। ਇਸ ਮੌਕੇ ਗੁਰੂ ਕਾ ਲੰਗਰ ਅਤੁੱਟ ਵਰਤਾਇਆ ਗਿਆ ਅਤੇ ਇਲਾਕੇ ਦੀਆਂ ਸੰਗਤਾਂ ਨੇ ਵੱਡੀ ਗਿਣਤੀ ਵਿਚ ਹਾਜ਼ਰੀ ਭਰੀ।

ਕਾਹਨੂੰਵਾਨ,19 ਨਵੰਬਰ (ਰਜ਼ਵਾਨ ਸਿੰਘ ਸੈਣੀ)- ਸ੍ਰੀ ਗੁਰੂ ਨਾਨਕ ਦੇਵ ਜੀ ਦੇ 554 ਵਾਂ ਪ੍ਰਕਾਸ਼ ਦਿਹਾੜਾ ਗੁਰਦੁਆਰਾ ਬੇਰ ਸ੍ਰੀ ਸਾਹਿਬ ਵਿਖੇ ਬੜੀ ਸ਼ਰਧਾ ਭਾਵਨਾ ਨਾਲ ਮਨਾਇਆ ਗਿਆ। ਇਸ ਮੌਕੇ ਸ੍ਰੀ ਅਖੰਡ ਪਾਠ ਸਾਹਿਬ ਜੀ ਦੇ ਭੋਗ ਪਾਏ ਗਏ ਅਤੇ ਰਾਗੀ ਜਥਿਆਂ ਵੱਲੋਂ ਗੁਰਬਾਣੀ ਕੀਰਤਨ ਰਾਹੀਂ ਸੰਗਤਾਂ ਨੂੰ ਨਿਹਾਲ ਕੀਤਾ ਗਿਆ। ਇਸ ਮੌਕੇ ਗੁਰੂ ਕਾ ਲੰਗਰ ਅਤੁੱਟ ਵਰਤਾਇਆ ਗਿਆ ਅਤੇ ਇਲਾਕੇ ਦੀਆਂ ਸੰਗਤਾਂ ਨੇ ਵੱਡੀ ਗਿਣਤੀ ਵਿਚ ਹਾਜ਼ਰੀ ਭਰੀ।

ਗੁੰਮਸ਼ੁਦਗੀ

ਮੇਰਾ ਪਰਾਵੇਤਨ ਪ੍ਰਿਤਮ ਪੁੱਤਰ ਸ੍ਰੀ ਓਪਿੰਦਰ ਸਿੰਘ ਵਾਸੀ ਮਕਾਨ ਨੰਬਰ 77, ਗਲੀ ਨੰਬਰ 9, ਲੁਧਿਆਣਾ ਦਾ ਅਸਲਾ ਲਾਇਸੈਂਸ ਨੰਬਰ 11555 ਮਿਤੀ 17.1.2000 ਜੋ 30.09.2023 ਤੱਕ ਵੈਧ ਸੀ, ਕਿਤੇ ਗੁੰਮ ਹੋ ਗਿਆ ਹੈ। ਮਿਲਣ ਵਾਲੇ ਸੱਜਣ ਥਾਣਾ ਡਵੀਜ਼ਨ 4 ਵਿਖੇ ਸੂਚਿਤ ਕਰਨ।

ਆਮ ਸੂਚਨਾ

ਮੈਂ ਪੁਸ਼ਪਾ ਰਾਣੀ ਪਤਨੀ ਮਨਜੀਤ ਸਿੰਘ ਵਾਸੀ ਮਕਾਨ ਨੰ. 102, ਮਾਡਲ ਟਾਊਨ, ਜਲੰਧਰ ਨੇ ਐਲਾਨ ਕਰਦੀ ਹਾਂ ਕਿ ਪੁਸ਼ਪਾ ਰਾਣੀ ਅਤੇ ਪੁਸ਼ਪਾ ਦੇਵੀ ਇੱਕੋ ਹੀ ਵਿਅਕਤੀ ਦੇ ਨਾਮ ਹਨ।

I, Harjeet Gujral W/o Atinderpal Singh Gulati R/o H.No. 1453 Phase-3B2 (SAS Nagar, Mohali) Punjab-160059, (Aadhar Card No. 4808-1298-1259) declare that I have known by both names Harjeet Gujral and Harjeet Kaur Gulati is one and the same person.

Public Notice

I Jatin Tandon (Adhar card no. 6938 8839 8762) S/o Satish Kumar R/o 94-A, Raja Garden, Basti Pir Dad Road (Jalandhar) Pin-144021, Punjab declare that I have known by both names Jatin Tandon and Jatin is one and the same person.

ਜਨਤਕ ਨੋਟਿਸ

ਸਰਵਸਾਧਾਰਨ ਨੂੰ ਸੂਚਿਤ ਕੀਤਾ ਜਾਂਦਾ ਹੈ ਕਿ ਹੇਠ ਲਿਖੀ ਜਾਇਦਾਦ ਸੰਬੰਧੀ ਦਸਤਾਵੇਜ਼ ਗੁੰਮ ਹੋ ਗਏ ਹਨ। ਜੇਕਰ ਕਿਸੇ ਨੂੰ ਕੋਈ ਇਤਰਾਜ਼ ਹੋਵੇ ਤਾਂ 7 ਦਿਨਾਂ ਦੇ ਅੰਦਰ ਸੰਪਰਕ ਕਰੇ।

ਸਰਵਸਾਧਾਰਨ ਨੂੰ ਸੂਚਿਤ ਕੀਤਾ ਜਾਂਦਾ ਹੈ ਕਿ ਹੇਠ ਲਿਖੀ ਜਾਇਦਾਦ ਸੰਬੰਧੀ ਦਸਤਾਵੇਜ਼ ਗੁੰਮ ਹੋ ਗਏ ਹਨ। ਜੇਕਰ ਕਿਸੇ ਨੂੰ ਕੋਈ ਇਤਰਾਜ਼ ਹੋਵੇ ਤਾਂ 7 ਦਿਨਾਂ ਦੇ ਅੰਦਰ ਸੰਪਰਕ ਕਰੇ।

ਸਰਵਸਾਧਾਰਨ ਨੂੰ ਸੂਚਿਤ ਕੀਤਾ ਜਾਂਦਾ ਹੈ ਕਿ ਹੇਠ ਲਿਖੀ ਜਾਇਦਾਦ ਸੰਬੰਧੀ ਦਸਤਾਵੇਜ਼ ਗੁੰਮ ਹੋ ਗਏ ਹਨ। ਜੇਕਰ ਕਿਸੇ ਨੂੰ ਕੋਈ ਇਤਰਾਜ਼ ਹੋਵੇ ਤਾਂ 7 ਦਿਨਾਂ ਦੇ ਅੰਦਰ ਸੰਪਰਕ ਕਰੇ।

ਸਰਵਸਾਧਾਰਨ ਨੂੰ ਸੂਚਿਤ ਕੀਤਾ ਜਾਂਦਾ ਹੈ ਕਿ ਹੇਠ ਲਿਖੀ ਜਾਇਦਾਦ ਸੰਬੰਧੀ ਦਸਤਾਵੇਜ਼ ਗੁੰਮ ਹੋ ਗਏ ਹਨ। ਜੇਕਰ ਕਿਸੇ ਨੂੰ ਕੋਈ ਇਤਰਾਜ਼ ਹੋਵੇ ਤਾਂ 7 ਦਿਨਾਂ ਦੇ ਅੰਦਰ ਸੰਪਰਕ ਕਰੇ।

Public Notice

ਸਰਵਸਾਧਾਰਨ ਨੂੰ ਸੂਚਿਤ ਕੀਤਾ ਜਾਂਦਾ ਹੈ ਕਿ ਹੇਠ ਲਿਖੀ ਜਾਇਦਾਦ ਸੰਬੰਧੀ ਦਸਤਾਵੇਜ਼ ਗੁੰਮ ਹੋ ਗਏ ਹਨ। ਜੇਕਰ ਕਿਸੇ ਨੂੰ ਕੋਈ ਇਤਰਾਜ਼ ਹੋਵੇ ਤਾਂ 7 ਦਿਨਾਂ ਦੇ ਅੰਦਰ ਸੰਪਰਕ ਕਰੇ।

Kiran Bala wife of Sudarshan Kumar resident of Golden Bagh, Jagraon, Distt Ludhiana declare that the Original previous Registeries and documents of property have been lost.

Kiran Bala wife of Sudarshan Kumar resident of Golden Bagh, Jagraon, Distt Ludhiana declare that the Original previous Registeries and documents of property have been lost.

Kiran Bala wife of Sudarshan Kumar resident of Golden Bagh, Jagraon, Distt Ludhiana declare that the Original previous Registeries and documents of property have been lost.

Public Notice

As per direction of Chief Manager Canara Bank, Ramgarh Branch, Phillaur, Jalandhar. That I Harmohinder Singh Advocate is brought to the notice of General Public that Jatin Sharma Ramgarh of property measuring 6K-13 Sq. yards bearing MC No. 8-90-A2, Situated at Mohalla Buta Jatt, Kucha Paharian tehsil & district Ludhiana is going to mortgage with Canara Bank.

As per direction of Chief Manager Canara Bank, Ramgarh Branch, Phillaur, Jalandhar. That I Harmohinder Singh Advocate is brought to the notice of General Public that Jatin Sharma Ramgarh of property measuring 6K-13 Sq. yards bearing MC No. 8-90-A2, Situated at Mohalla Buta Jatt, Kucha Paharian tehsil & district Ludhiana is going to mortgage with Canara Bank.

Public Notice

ਸਰਵਸਾਧਾਰਨ ਨੂੰ ਸੂਚਿਤ ਕੀਤਾ ਜਾਂਦਾ ਹੈ ਕਿ ਹੇਠ ਲਿਖੀ ਜਾਇਦਾਦ ਸੰਬੰਧੀ ਦਸਤਾਵੇਜ਼ ਗੁੰਮ ਹੋ ਗਏ ਹਨ। ਜੇਕਰ ਕਿਸੇ ਨੂੰ ਕੋਈ ਇਤਰਾਜ਼ ਹੋਵੇ ਤਾਂ 7 ਦਿਨਾਂ ਦੇ ਅੰਦਰ ਸੰਪਰਕ ਕਰੇ।

ਗੁਰੂ ਨਾਨਕ ਸਕੂਲ ਬੱਸੀਆਂ ਦਾ ਵਿਦਿਆਰਥੀ ਨੈਸ਼ਨਲ ਪੱਧਰੀ ਡਾਂਸ ਮੁਕਾਬਲੇ ਵਿੱਚੋਂ ਦੂਜੇ ਨੰਬਰ 'ਤੇ

ਰਾਏਕੋਟ 19 ਨਵੰਬਰ (ਗੁਰਚਰਨ ਸਿੰਘ ਗ੍ਰੇਵਾਲ)-ਗੁਰੂ ਨਾਨਕ ਪਬਲਿਕ ਸੀਨੀਅਰ ਸੈਕੰਡਰੀ ਸਕੂਲ ਬੱਸੀਆਂ ਦੇ ਵਿਦਿਆਰਥੀ ਨੇ ਨੈਸ਼ਨਲ ਪੱਧਰੀ ਡਾਂਸ ਮੁਕਾਬਲੇ ਵਿੱਚੋਂ ਦੂਜਾ ਸਥਾਨ ਹਾਸਲ ਕਰਕੇ ਸਕੂਲ ਅਤੇ ਮਾਪਿਆਂ ਦਾ ਨਾਮ ਰੌਸ਼ਨ ਕੀਤਾ ਹੈ। ਸਕੂਲ ਪ੍ਰਿੰਸੀਪਲ ਨੇ ਵਿਦਿਆਰਥੀ ਨੂੰ ਵਧਾਈ ਦਿੱਤੀ।

ਰਾਏਕੋਟ 19 ਨਵੰਬਰ (ਗੁਰਚਰਨ ਸਿੰਘ ਗ੍ਰੇਵਾਲ)-ਗੁਰੂ ਨਾਨਕ ਪਬਲਿਕ ਸੀਨੀਅਰ ਸੈਕੰਡਰੀ ਸਕੂਲ ਬੱਸੀਆਂ ਦੇ ਵਿਦਿਆਰਥੀ ਨੇ ਨੈਸ਼ਨਲ ਪੱਧਰੀ ਡਾਂਸ ਮੁਕਾਬਲੇ ਵਿੱਚੋਂ ਦੂਜਾ ਸਥਾਨ ਹਾਸਲ ਕਰਕੇ ਸਕੂਲ ਅਤੇ ਮਾਪਿਆਂ ਦਾ ਨਾਮ ਰੌਸ਼ਨ ਕੀਤਾ ਹੈ। ਸਕੂਲ ਪ੍ਰਿੰਸੀਪਲ ਨੇ ਵਿਦਿਆਰਥੀ ਨੂੰ ਵਧਾਈ ਦਿੱਤੀ।

ਪੰਜਾਬ ਨਿਰਮਾਣ ਮਜ਼ਦੂਰ ਯੂਨੀਅਨ ਕਾਦੀਆਂ ਦੇ ਦਫਤਰ ਵਿਖੇ ਪ੍ਰਸਿੱਧ ਸਮਾਜ ਸੇਵੀ ਸੁਭਾਸ਼ ਦੀਵਾਨ ਜੀ ਨੇ ਲੋੜਵੰਦਾਂ ਨੂੰ ਵੰਡੇ ਕੰਬਲ

ਕਾਹਨੂੰਵਾਨ 19 ਨਵੰਬਰ (ਰਜ਼ਵਾਨ ਸਿੰਘ ਸੈਣੀ) ਪੰਜਾਬ ਨਿਰਮਾਣ ਮਜ਼ਦੂਰ ਯੂਨੀਅਨ ਕਾਦੀਆਂ ਦੇ ਦਫ਼ਤਰ ਵਿਖੇ ਪ੍ਰਸਿੱਧ ਸਮਾਜ ਸੇਵੀ ਸੁਭਾਸ਼ ਦੀਵਾਨ ਜੀ ਵੱਲੋਂ ਲੋੜਵੰਦ ਮਜ਼ਦੂਰਾਂ ਨੂੰ ਸਰਦੀ ਤੋਂ ਬਚਾਅ ਲਈ ਕੰਬਲ ਵੰਡੇ ਗਏ। ਇਸ ਮੌਕੇ ਯੂਨੀਅਨ ਦੇ ਆਗੂਆਂ ਨੇ ਉਨ੍ਹਾਂ ਦਾ ਧੰਨਵਾਦ ਕੀਤਾ।

ਕਾਹਨੂੰਵਾਨ 19 ਨਵੰਬਰ (ਰਜ਼ਵਾਨ ਸਿੰਘ ਸੈਣੀ) ਪੰਜਾਬ ਨਿਰਮਾਣ ਮਜ਼ਦੂਰ ਯੂਨੀਅਨ ਕਾਦੀਆਂ ਦੇ ਦਫ਼ਤਰ ਵਿਖੇ ਪ੍ਰਸਿੱਧ ਸਮਾਜ ਸੇਵੀ ਸੁਭਾਸ਼ ਦੀਵਾਨ ਜੀ ਵੱਲੋਂ ਲੋੜਵੰਦ ਮਜ਼ਦੂਰਾਂ ਨੂੰ ਸਰਦੀ ਤੋਂ ਬਚਾਅ ਲਈ ਕੰਬਲ ਵੰਡੇ ਗਏ। ਇਸ ਮੌਕੇ ਯੂਨੀਅਨ ਦੇ ਆਗੂਆਂ ਨੇ ਉਨ੍ਹਾਂ ਦਾ ਧੰਨਵਾਦ ਕੀਤਾ।

ਮਾਤਾ ਸੁੰਦਰੀ ਕਾਨਵੈਂਟ ਸਕੂਲ ਵਿਖੇ ਧੂਮਧਾਮ ਨਾਲ ਮਨਾਇਆ ਬਾਲ ਦਿਵਸ
CHILDRENS

ਕਾਦੀਆਂ 19 ਨਵੰਬਰ (ਜਸਬੀਰ ਸਿੰਘ) ਮਾਤਾ ਸੁੰਦਰੀ ਕਾਨਵੈਂਟ ਸਕੂਲ ਵਿਖੇ 14 ਨਵੰਬਰ 2023 ਨੂੰ ਬਾਲ ਦਿਵਸ ਬੜੀ ਧੂਮ ਧਾਮ ਨਾਲ ਮਨਾਇਆ ਗਿਆ। ਇਸ ਮੌਕੇ ਬੱਚਿਆਂ ਵੱਲੋਂ ਰੰਗਾਰੰਗ ਪ੍ਰੋਗਰਾਮ ਪੇਸ਼ ਕੀਤੇ ਗਏ ਅਤੇ ਅਧਿਆਪਕਾਂ ਨੇ ਬੱਚਿਆਂ ਨੂੰ ਤੋਹਫ਼ੇ ਵੰਡੇ।

ਕਾਦੀਆਂ 19 ਨਵੰਬਰ (ਜਸਬੀਰ ਸਿੰਘ) ਮਾਤਾ ਸੁੰਦਰੀ ਕਾਨਵੈਂਟ ਸਕੂਲ ਵਿਖੇ 14 ਨਵੰਬਰ 2023 ਨੂੰ ਬਾਲ ਦਿਵਸ ਬੜੀ ਧੂਮ ਧਾਮ ਨਾਲ ਮਨਾਇਆ ਗਿਆ। ਇਸ ਮੌਕੇ ਬੱਚਿਆਂ ਵੱਲੋਂ ਰੰਗਾਰੰਗ ਪ੍ਰੋਗਰਾਮ ਪੇਸ਼ ਕੀਤੇ ਗਏ ਅਤੇ ਅਧਿਆਪਕਾਂ ਨੇ ਬੱਚਿਆਂ ਨੂੰ ਤੋਹਫ਼ੇ ਵੰਡੇ।

ਲਾਪਰਵਾਹੀ ਵਰਤਣ ਵਾਲੇ ਅਣਪਛਾਤੇ ਵਾਹਨ ਚਾਲਕ ਖਿਲਾਫ ਕੇਸ ਦਰਜ

ਮੁਲਾਂਪੁਰ ਦਾਖਾ, 19 ਨਵੰਬਰ (ਰਵਿੰਦਰ ਸਿੰਘ ਸੈਨੀ) - ਸੜਕ ਹਾਦਸੇ 'ਚ ਜ਼ਖ਼ਮੀ ਹੋਏ ਵਿਅਕਤੀ ਦੇ ਬਿਆਨਾਂ 'ਤੇ ਪੁਲਿਸ ਨੇ ਲਾਪਰਵਾਹੀ ਵਰਤਣ ਵਾਲੇ ਅਣਪਛਾਤੇ ਵਾਹਨ ਚਾਲਕ ਖਿਲਾਫ ਕੇਸ ਦਰਜ ਕਰਕੇ ਅਗਲੀ ਕਾਰਵਾਈ ਸ਼ੁਰੂ ਕਰ ਦਿੱਤੀ ਹੈ।

ਮੁਲਾਂਪੁਰ ਦਾਖਾ, 19 ਨਵੰਬਰ (ਰਵਿੰਦਰ ਸਿੰਘ ਸੈਨੀ) - ਸੜਕ ਹਾਦਸੇ 'ਚ ਜ਼ਖ਼ਮੀ ਹੋਏ ਵਿਅਕਤੀ ਦੇ ਬਿਆਨਾਂ 'ਤੇ ਪੁਲਿਸ ਨੇ ਲਾਪਰਵਾਹੀ ਵਰਤਣ ਵਾਲੇ ਅਣਪਛਾਤੇ ਵਾਹਨ ਚਾਲਕ ਖਿਲਾਫ ਕੇਸ ਦਰਜ ਕਰਕੇ ਅਗਲੀ ਕਾਰਵਾਈ ਸ਼ੁਰੂ ਕਰ ਦਿੱਤੀ ਹੈ।

ਇਸ਼ਤਿਹਾਰ ਅਤੇ ਕਲਾਸੀਫਾਈਡ ਕੇਵਲ ਅਦਾਰਾ 'ਪਹਿਰੇਦਾਰ' ਦੀ ਈ-ਮੇਲ rozanapehredaradvt@gmail.com	'ਤੇ ਹੀ ਭੇਜੇ ਜਾਣ।
